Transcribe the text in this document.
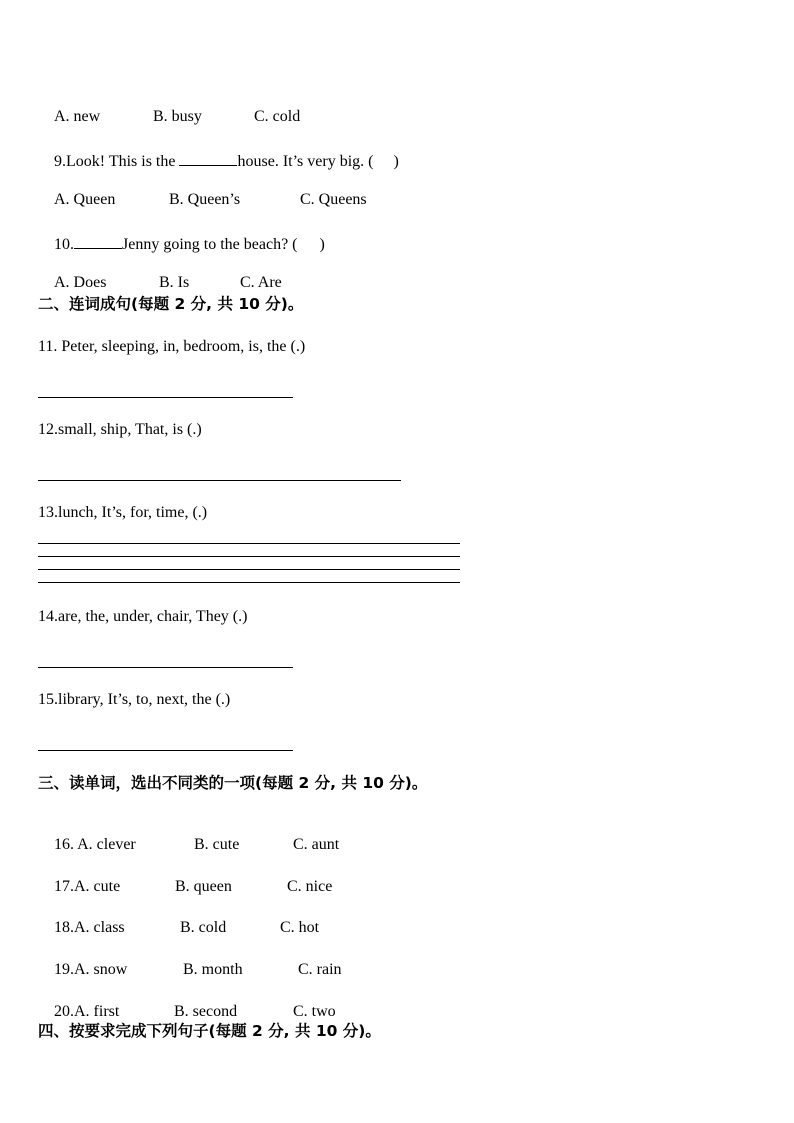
A. new	B. busy	C. cold

9.Look! This is the	house. It’s very big. ( )

A. Queen	B. Queen’s	C. Queens

10.	Jenny going to the beach? ( )

A. Does	B. Is	C. Are

二、连词成句(每题 2 分, 共 10 分)。
11. Peter, sleeping, in, bedroom, is, the (.)
12.small, ship, That, is (.)
13.lunch, It’s, for, time, (.)
14.are, the, under, chair, They (.)
15.library, It’s, to, next, the (.)
三、读单词，选出不同类的一项(每题 2 分, 共 10 分)。

16. A. clever	B. cute	C. aunt

17.A. cute	B. queen	C. nice

18.A. class	B. cold	C. hot

19.A. snow	B. month	C. rain

20.A. first	B. second	C. two

四、按要求完成下列句子(每题 2 分, 共 10 分)。
